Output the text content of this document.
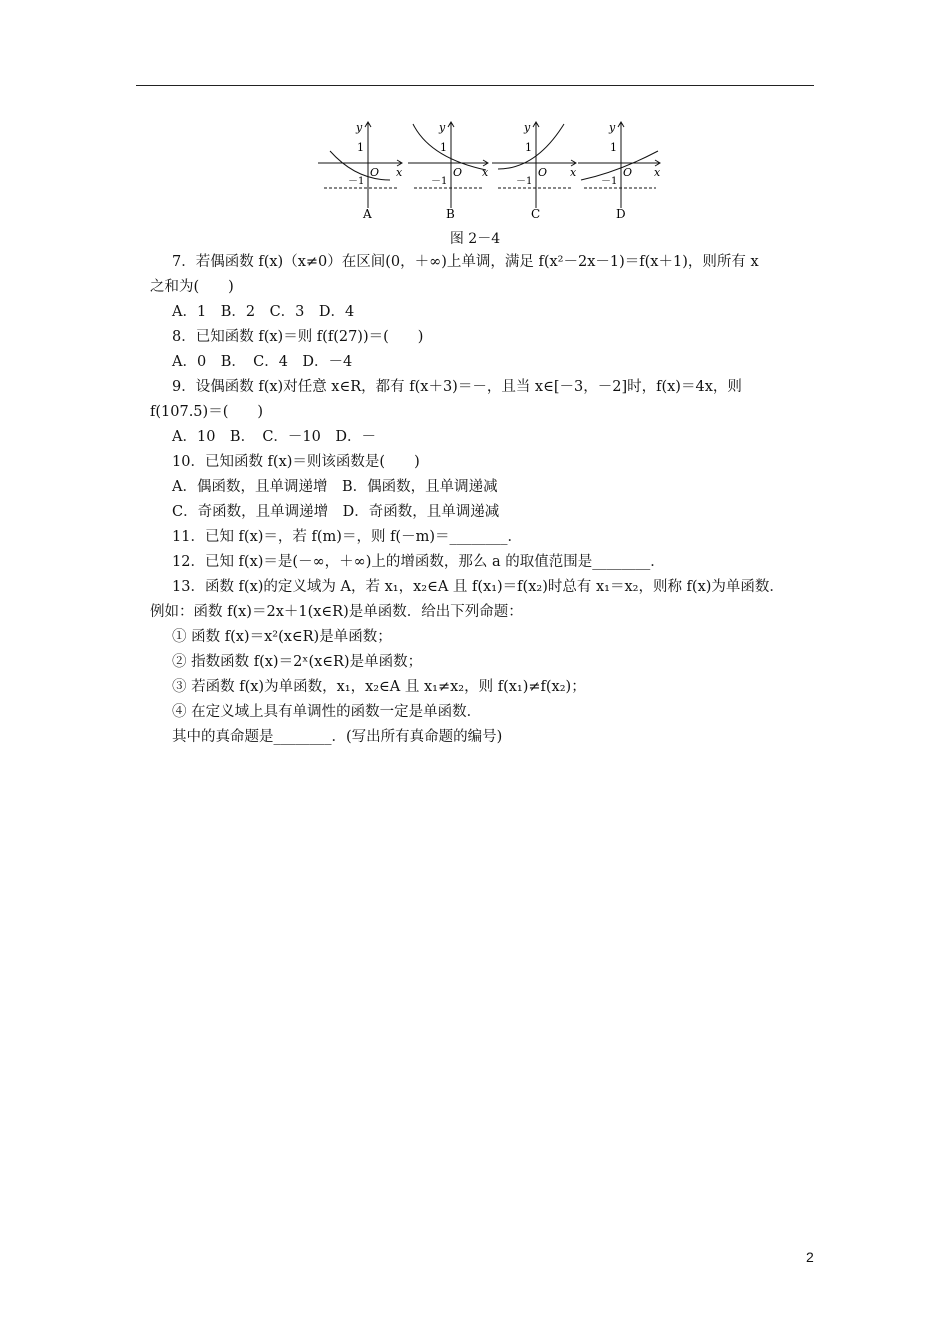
y
x
O
1
－1
A
y
x
O
1
－1
B
y
x
O
1
－1
C
y
x
O
1
－1
D
图 2－4
7．若偶函数 f(x)（x≠0）在区间(0，＋∞)上单调，满足 f(x²－2x－1)＝f(x＋1)，则所有 x
之和为(　　)
A．1　B．2　C．3　D．4
8．已知函数 f(x)＝则 f(f(27))＝(　　)
A．0　B．　C．4　D．－4
9．设偶函数 f(x)对任意 x∈R，都有 f(x＋3)＝－，且当 x∈[－3，－2]时，f(x)＝4x，则
f(107.5)＝(　　)
A．10　B．　C．－10　D．－
10．已知函数 f(x)＝则该函数是(　　)
A．偶函数，且单调递增　B．偶函数，且单调递减
C．奇函数，且单调递增　D．奇函数，且单调递减
11．已知 f(x)＝，若 f(m)＝，则 f(－m)＝________．
12．已知 f(x)＝是(－∞，＋∞)上的增函数，那么 a 的取值范围是________．
13．函数 f(x)的定义域为 A，若 x₁，x₂∈A 且 f(x₁)＝f(x₂)时总有 x₁＝x₂，则称 f(x)为单函数．
例如：函数 f(x)＝2x＋1(x∈R)是单函数．给出下列命题：
① 函数 f(x)＝x²(x∈R)是单函数；
② 指数函数 f(x)＝2ˣ(x∈R)是单函数；
③ 若函数 f(x)为单函数，x₁，x₂∈A 且 x₁≠x₂，则 f(x₁)≠f(x₂)；
④ 在定义域上具有单调性的函数一定是单函数．
其中的真命题是________．(写出所有真命题的编号)
2
